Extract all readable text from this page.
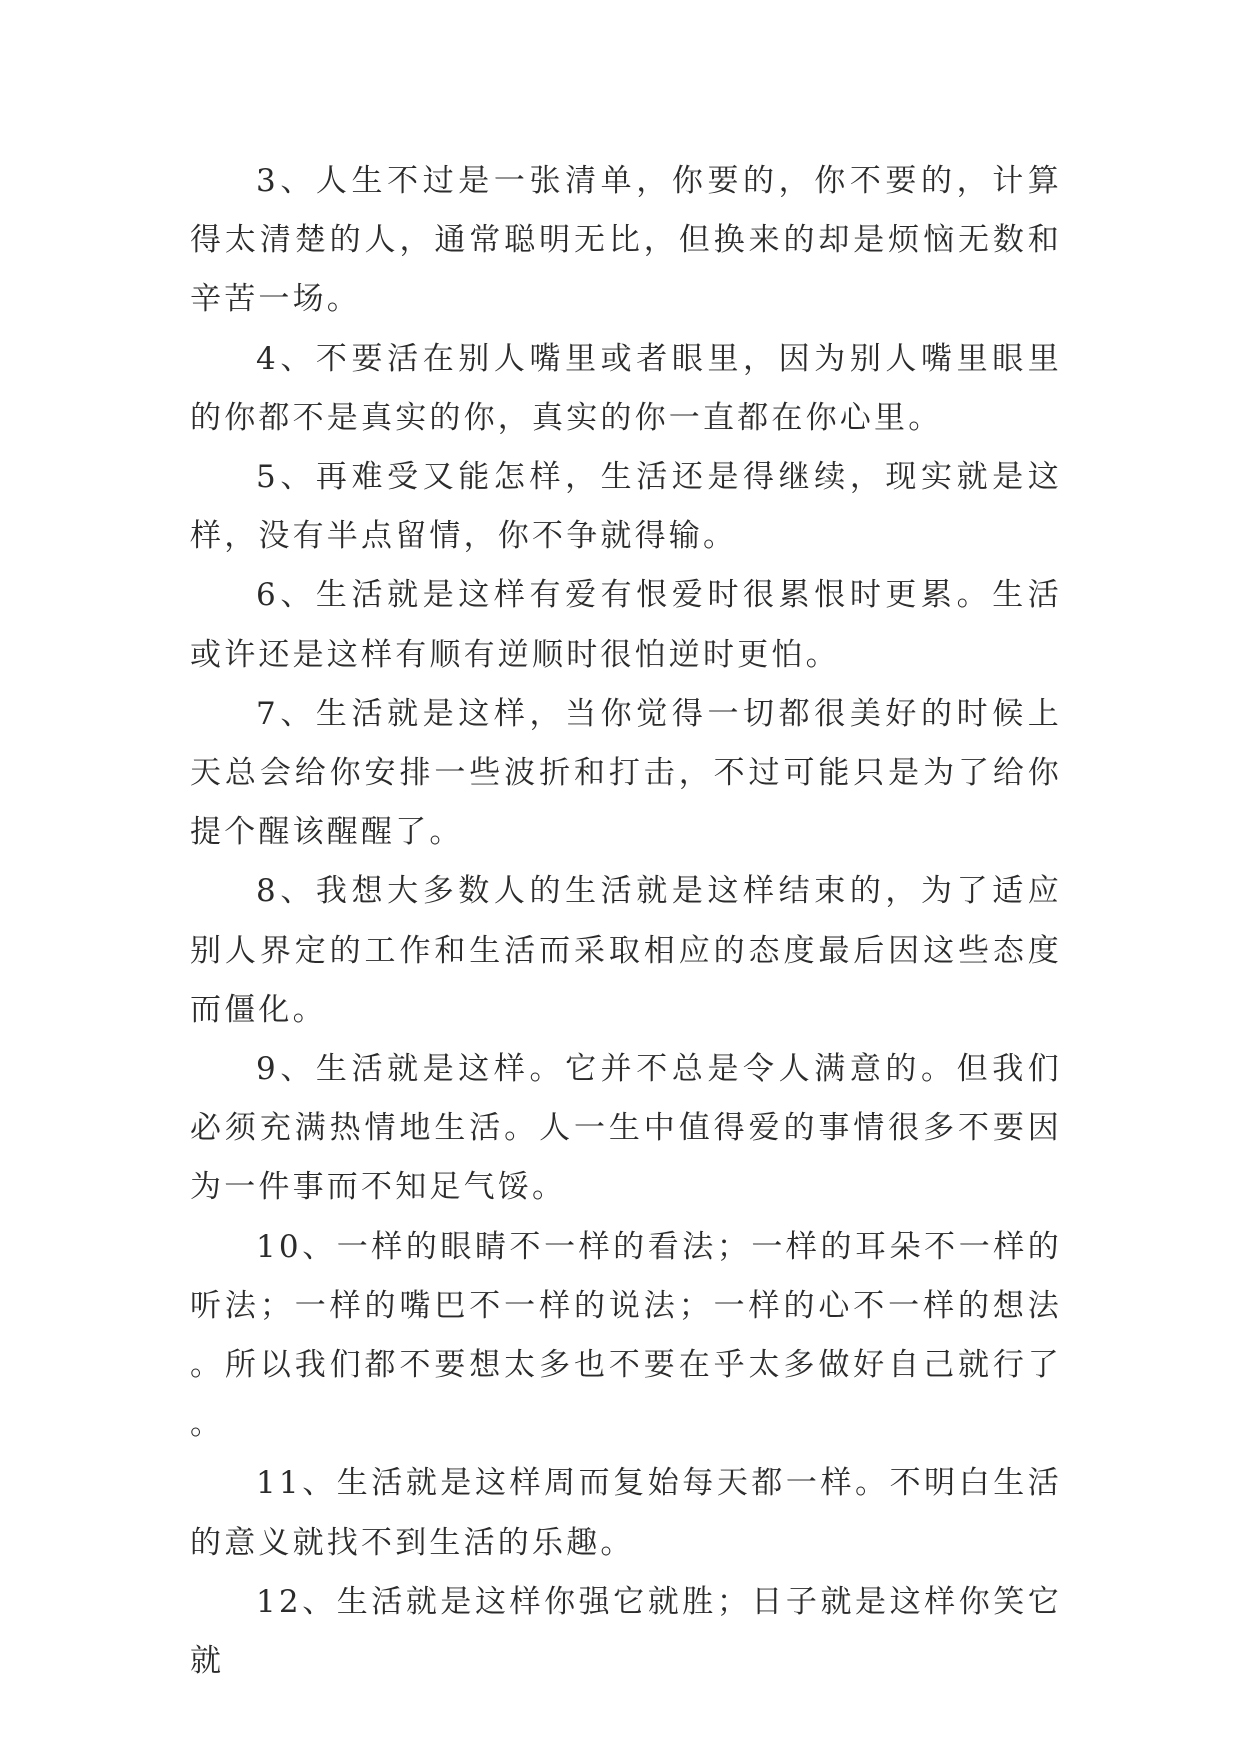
3、人生不过是一张清单，你要的，你不要的，计算得太清楚的人，通常聪明无比，但换来的却是烦恼无数和辛苦一场。

4、不要活在别人嘴里或者眼里，因为别人嘴里眼里的你都不是真实的你，真实的你一直都在你心里。

5、再难受又能怎样，生活还是得继续，现实就是这样，没有半点留情，你不争就得输。

6、生活就是这样有爱有恨爱时很累恨时更累。生活或许还是这样有顺有逆顺时很怕逆时更怕。

7、生活就是这样，当你觉得一切都很美好的时候上天总会给你安排一些波折和打击，不过可能只是为了给你提个醒该醒醒了。

8、我想大多数人的生活就是这样结束的，为了适应别人界定的工作和生活而采取相应的态度最后因这些态度而僵化。

9、生活就是这样。它并不总是令人满意的。但我们必须充满热情地生活。人一生中值得爱的事情很多不要因为一件事而不知足气馁。

10、一样的眼睛不一样的看法；一样的耳朵不一样的听法；一样的嘴巴不一样的说法；一样的心不一样的想法。所以我们都不要想太多也不要在乎太多做好自己就行了。

11、生活就是这样周而复始每天都一样。不明白生活的意义就找不到生活的乐趣。

12、生活就是这样你强它就胜；日子就是这样你笑它就
